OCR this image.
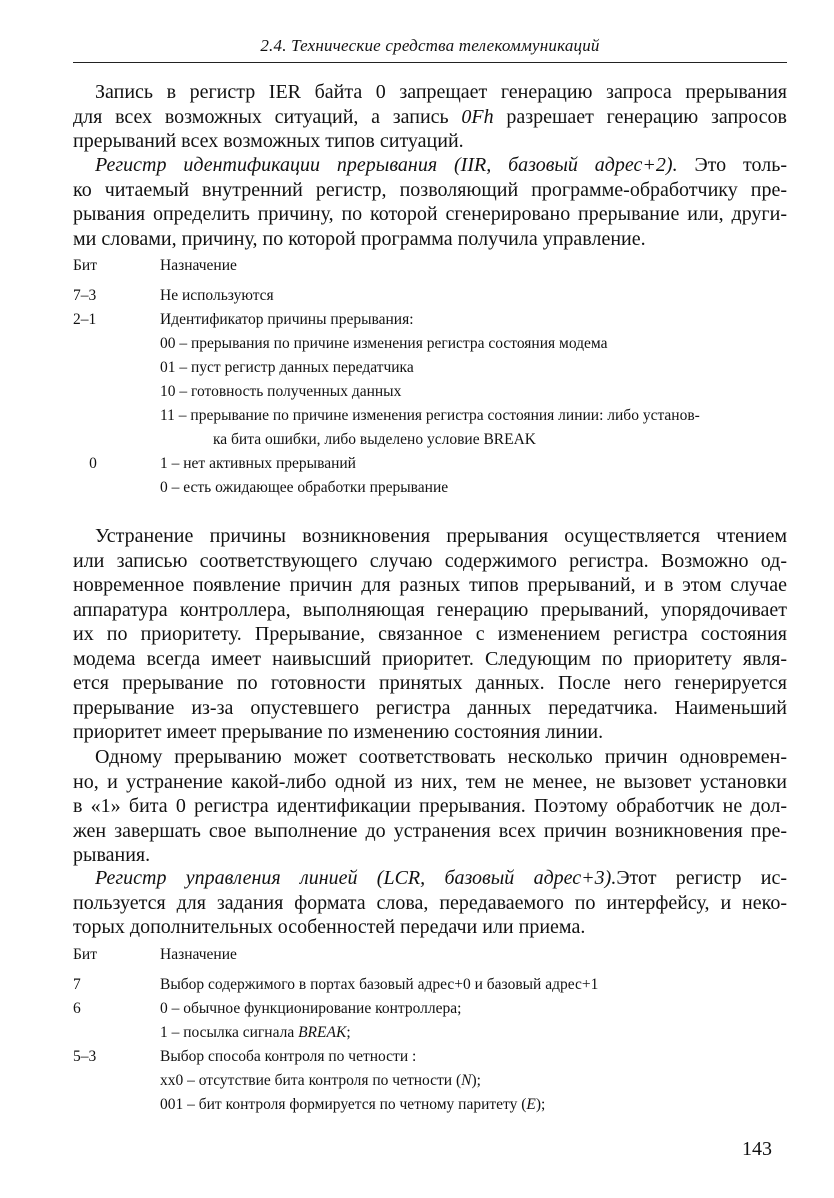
2.4. Технические средства телекоммуникаций
Запись в регистр IER байта 0 запрещает генерацию запроса прерывания
для всех возможных ситуаций, а запись 0Fh разрешает генерацию запросов
прерываний всех возможных типов ситуаций.
Регистр идентификации прерывания (IIR, базовый адрес+2). Это толь-
ко читаемый внутренний регистр, позволяющий программе-обработчику пре-
рывания определить причину, по которой сгенерировано прерывание или, други-
ми словами, причину, по которой программа получила управление.
Бит	Назначение
7–3	Не используются
2–1	Идентификатор причины прерывания:
00 – прерывания по причине изменения регистра состояния модема
01 – пуст регистр данных передатчика
10 – готовность полученных данных
11 – прерывание по причине изменения регистра состояния линии: либо установ-
ка бита ошибки, либо выделено условие BREAK
0	1 – нет активных прерываний
0 – есть ожидающее обработки прерывание
Устранение причины возникновения прерывания осуществляется чтением
или записью соответствующего случаю содержимого регистра. Возможно од-
новременное появление причин для разных типов прерываний, и в этом случае
аппаратура контроллера, выполняющая генерацию прерываний, упорядочивает
их по приоритету. Прерывание, связанное с изменением регистра состояния
модема всегда имеет наивысший приоритет. Следующим по приоритету явля-
ется прерывание по готовности принятых данных. После него генерируется
прерывание из-за опустевшего регистра данных передатчика. Наименьший
приоритет имеет прерывание по изменению состояния линии.
Одному прерыванию может соответствовать несколько причин одновремен-
но, и устранение какой-либо одной из них, тем не менее, не вызовет установки
в «1» бита 0 регистра идентификации прерывания. Поэтому обработчик не дол-
жен завершать свое выполнение до устранения всех причин возникновения пре-
рывания.
Регистр управления линией (LCR, базовый адрес+3).Этот регистр ис-
пользуется для задания формата слова, передаваемого по интерфейсу, и неко-
торых дополнительных особенностей передачи или приема.
Бит	Назначение
7	Выбор содержимого в портах базовый адрес+0 и базовый адрес+1
6	0 – обычное функционирование контроллера;
1 – посылка сигнала BREAK;
5–3	Выбор способа контроля по четности :
xx0 – отсутствие бита контроля по четности (N);
001 – бит контроля формируется по четному паритету (E);
143
